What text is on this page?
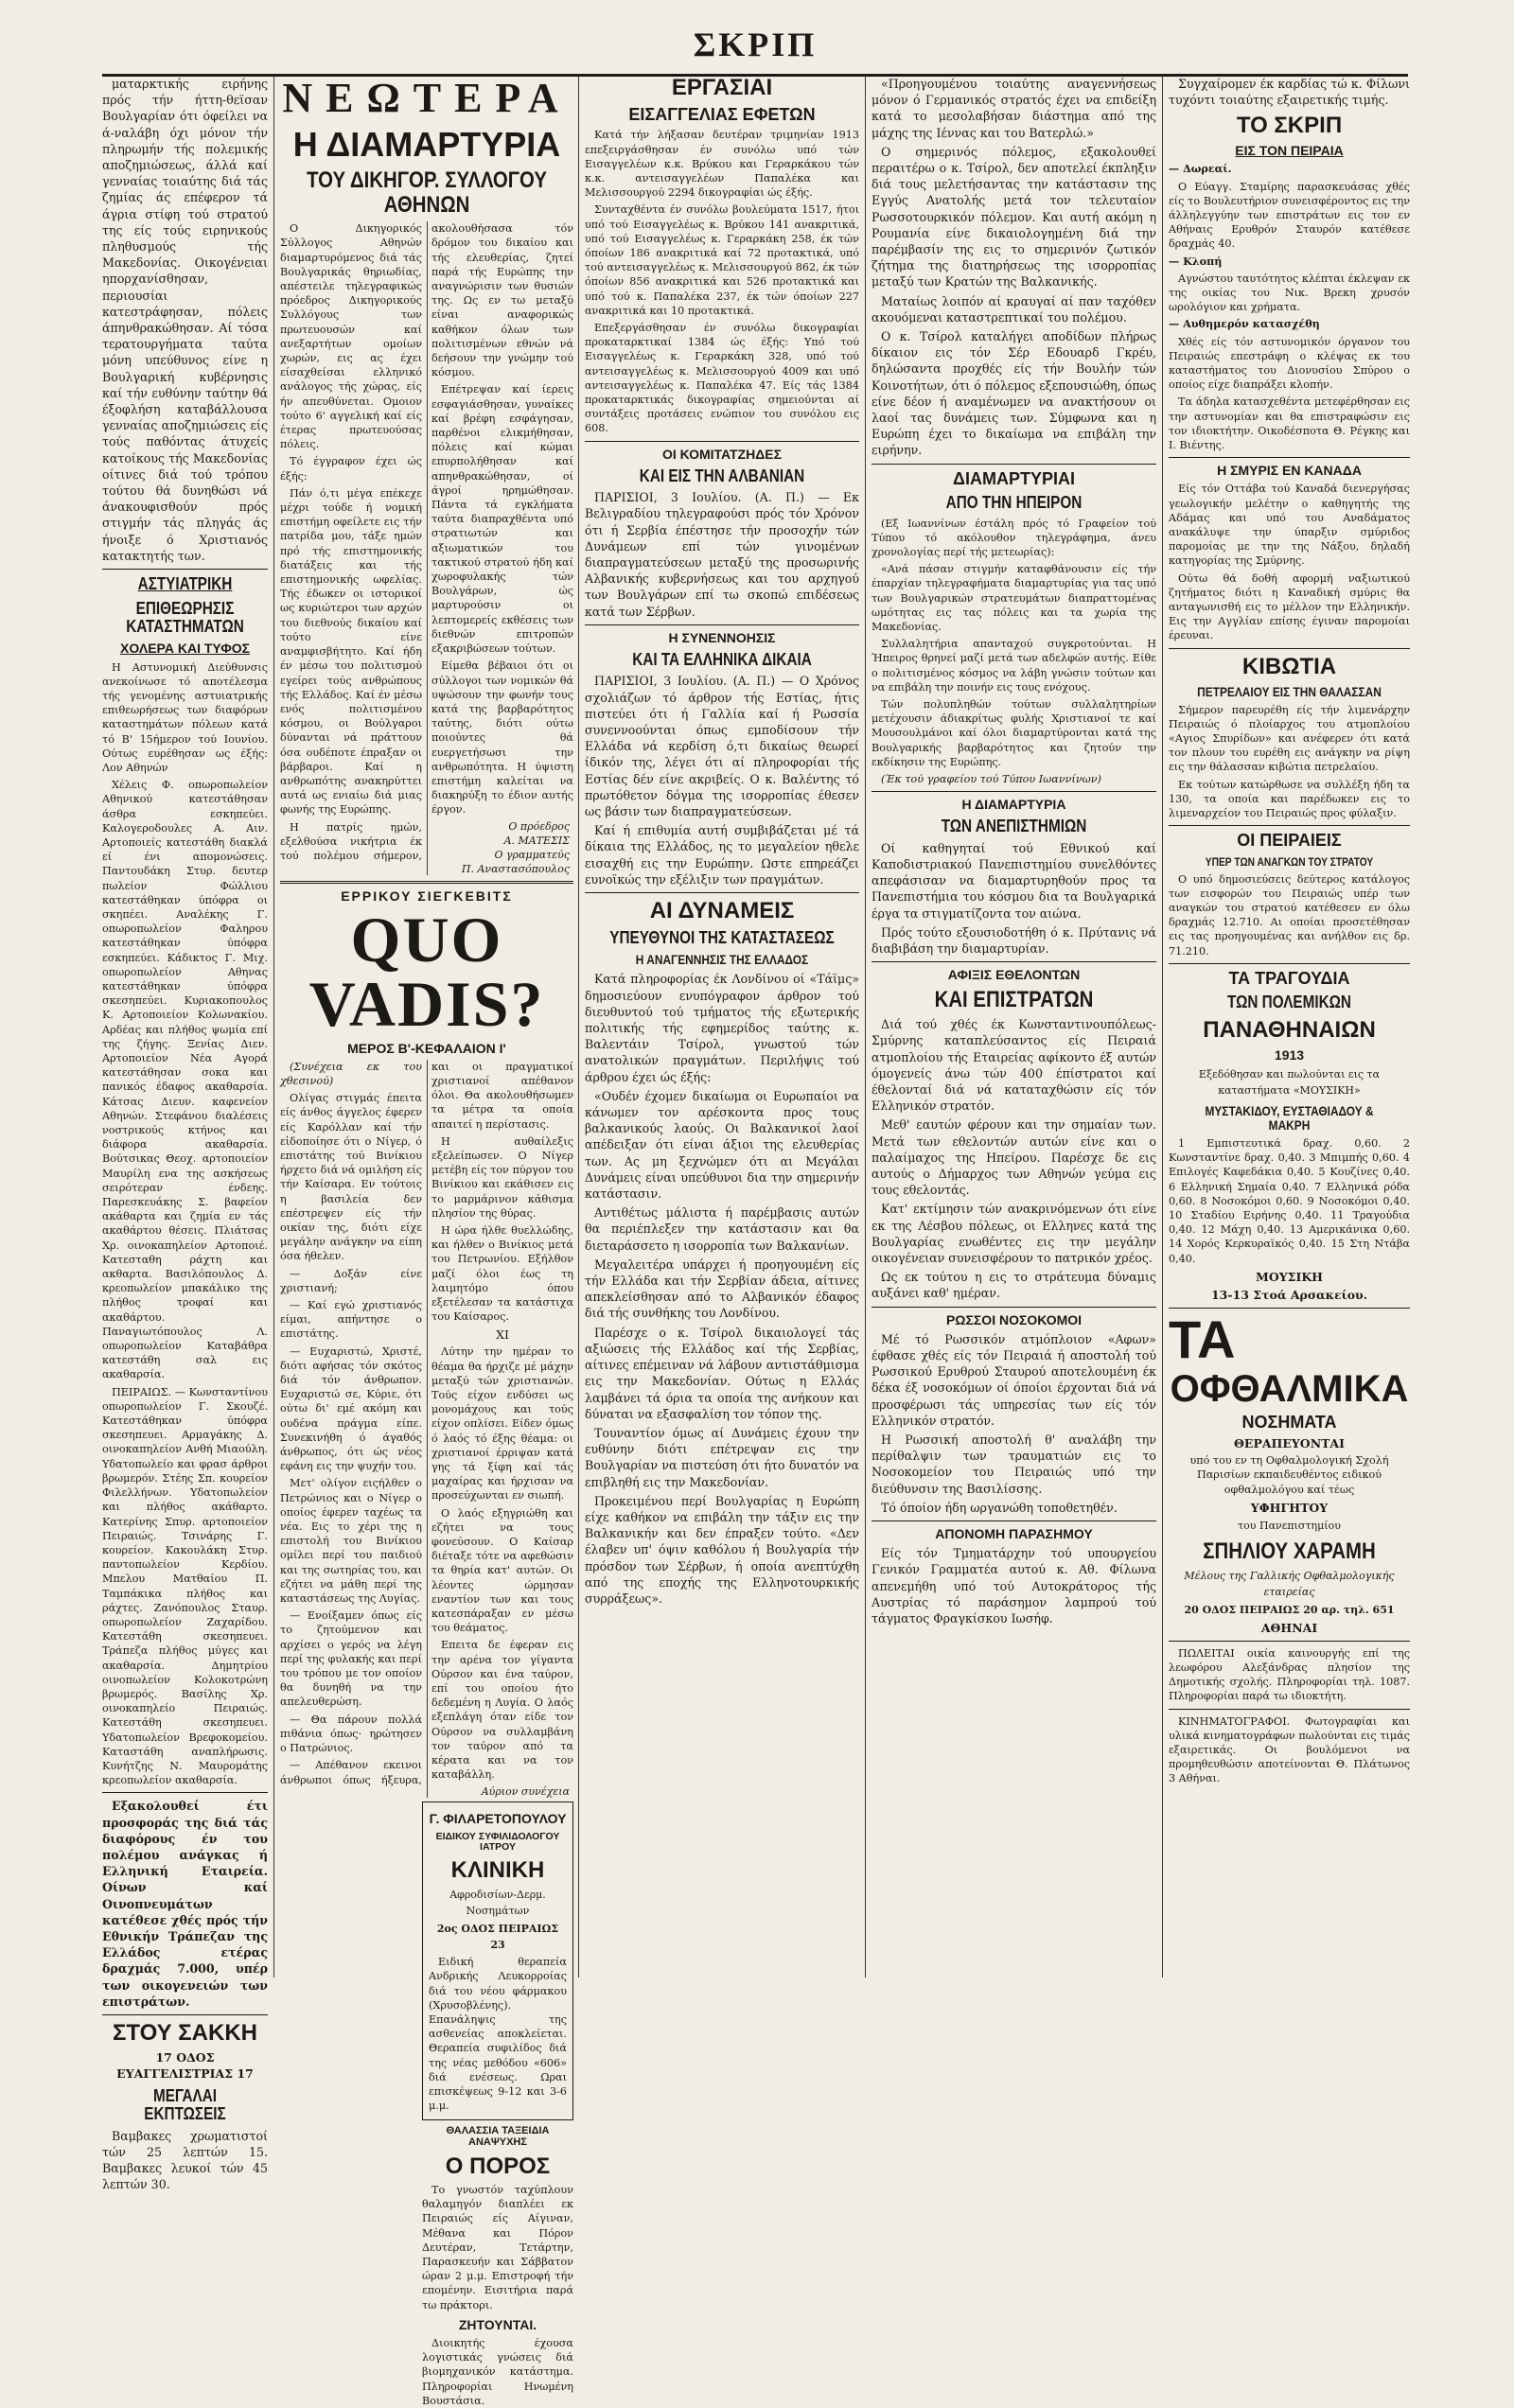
ΣΚΡΙΠ

ματαρκτικής ειρήνης πρός τήν ήττη-θεϊσαν Βουλγαρίαν ότι όφείλει να ά-ναλάβη όχι μόνον τήν πληρωμήν τής πολεμικής αποζημιώσεως, άλλά καί γενναίας τοιαύτης διά τάς ζημίας άς επέφερον τά άγρια στίφη τού στρατού της είς τούς ειρηνικούς πληθυσμούς τής Μακεδονίας. Οικογένειαι ηπορχανίσθησαν, περιουσίαι κατεστράφησαν, πόλεις άπηνθρακώθησαν. Αί τόσα τερατουργήματα ταύτα μόνη υπεύθυνος είνε η Βουλγαρική κυβέρνησις καί τήν ευθύνην ταύτην θά έξοφλήση καταβάλλουσα γενναίας αποζημιώσεις είς τούς παθόντας άτυχείς κατοίκους τής Μακεδονίας οίτινες διά τού τρόπου τούτου θά δυνηθώσι νά άνακουφισθούν πρός στιγμήν τάς πληγάς άς ήνοιξε ό Χριστιανός κατακτητής των.

ΑΣΤΥΙΑΤΡΙΚΗ
ΕΠΙΘΕΩΡΗΣΙΣ ΚΑΤΑΣΤΗΜΑΤΩΝ
ΧΟΛΕΡΑ ΚΑΙ ΤΥΦΟΣ

Η Αστυνομική Διεύθυνσις ανεκοίνωσε τό αποτέλεσμα τής γενομένης αστυιατρικής επιθεωρήσεως των διαφόρων καταστημάτων πόλεων κατά τό Β' 15ήμερον τού Ιουνίου. Ούτως ευρέθησαν ως έξής: Λον Αθηνών

Χέλεις Φ. οπωροπωλείον Αθηνικού κατεστάθησαν άσθρα εσκηπεύει. Καλογεροδουλες Α. Αιν. Αρτοποιείς κατεστάθη διακλά εί ένι απομονώσεις. Παντουδάκη Στυρ. δευτερ πωλείον Φώλλιου κατεστάθηκαν ύπόφρα οι σκηπέει. Αναλέκης Γ. οπωροπωλείον Φαληρου κατεστάθηκαν ύπόφρα εσκηπεύει. Κάδικτος Γ. Μιχ. οπωροπωλείον Αθηνας κατεστάθηκαν ύπόφρα σκεσηπεύει. Κυριακοπουλος Κ. Αρτοποιείον Κολωνακίου. Αρδέας και πλήθος ψωμία επί της ζήγης. Ξενίας Διεν. Αρτοποιείον Νέα Αγορά κατεστάθησαν σοκα και πανικός έδαφος ακαθαρσία. Κάτσας Διευν. καφενείον Αθηνών. Στεφάνου διαλέσεις νοστρικούς κτήνος και διάφορα ακαθαρσία. Βούτσικας Θεοχ. αρτοποιείον Μαυρίλη ενα της ασκήσεως σειρότεραν ένδεης. Παρεσκευάκης Σ. βαφείον ακάθαρτα και ζημία εν τάς ακαθάρτου θέσεις. Πλιάτσας Χρ. οινοκαπηλείον Αρτοποιέ. Κατεσταθη ράχτη και ακθαρτα. Βασιλόπουλος Δ. κρεοπωλείον μπακάλικο της πλήθος τροφαί και ακαθάρτου. Παναγιωτόπουλος Λ. οπωροπωλείον Καταβάθρα κατεστάθη σαλ εις ακαθαρσία.

ΠΕΙΡΑΙΩΣ. — Κωνσταντίνου οπωροπωλείον Γ. Σκουζέ. Κατεστάθηκαν ύπόφρα σκεσηπευει. Αρμαγάκης Δ. οινοκαπηλείον Ανθή Μιαούλη. Υδατοπωλείο και φρασ άρθροι βρωμερόν. Στέης Σπ. κουρείον Φιλελλήνων. Υδατοπωλείον και πλήθος ακάθαρτο. Κατερίνης Σπυρ. αρτοποιείον Πειραιώς. Τσινάρης Γ. κουρείον. Κακουλάκη Στυρ. παντοπωλείον Κερδίου. Μπελου Ματθαίου Π. Ταμπάκικα πλήθος και ράχτες. Ζανόπουλος Σταυρ. οπωροπωλείον Ζαχαρίδου. Κατεστάθη σκεσηπευει. Τράπεζα πλήθος μύγες και ακαθαρσία. Δημητρίου οινοπωλείον Κολοκοτρώνη βρωμερός. Βασίλης Χρ. οινοκαπηλείο Πειραιώς. Κατεστάθη σκεσηπευει. Υδατοπωλείον Βρεφοκομείου. Καταστάθη αναπλήρωσις. Κυνήτζης Ν. Μαυρομάτης κρεοπωλείον ακαθαρσία.

Εξακολουθεί έτι προσφοράς της διά τάς διαφόρους έν του πολέμου ανάγκας ή Ελληνική Εταιρεία. Οίνων καί Οινοπνευμάτων κατέθεσε χθές πρός τήν Εθνικήν Τράπεζαν της Ελλάδος ετέρας δραχμάς 7.000, υπέρ των οικογενειών των επιστράτων.

ΣΤΟΥ ΣΑΚΚΗ
17 ΟΔΟΣ ΕΥΑΓΓΕΛΙΣΤΡΙΑΣ 17
ΜΕΓΑΛΑΙ ΕΚΠΤΩΣΕΙΣ

Βαμβακες χρωματιστοί τών 25 λεπτών 15. Βαμβακες λευκοί τών 45 λεπτών 30.

ΝΕΩΤΕΡΑ
Η ΔΙΑΜΑΡΤΥΡΙΑ
ΤΟΥ ΔΙΚΗΓΟΡ. ΣΥΛΛΟΓΟΥ ΑΘΗΝΩΝ

Ο Δικηγορικός Σύλλογος Αθηνών διαμαρτυρόμενος διά τάς Βουλγαρικάς θηριωδίας, απέστειλε τηλεγραφικώς πρόεδρος Δικηγορικούς Συλλόγους των πρωτευουσών καί ανεξαρτήτων ομοίων χωρών, εις ας έχει είσαχθείσαι ελληνικό ανάλογος τής χώρας, είς ήν απευθύνεται. Ομοιον τούτο 6' αγγελική καί είς έτερας πρωτευούσας πόλεις.

Τό έγγραφον έχει ώς έξής:

Πάν ό,τι μέγα επέκεχε μέχρι τούδε ή νομική επιστήμη οφείλετε εις τήν πατρίδα μου, τάξε ημών πρό τής επιστημονικής διατάξεις και τής επιστημονικής ωφελίας. Τής έδωκεν οι ιστορικοί ως κυριώτεροι των αρχών του διεθνούς δικαίου καί τούτο είνε αναμφισβήτητο. Καί ήδη έν μέσω του πολιτισμού εγείρει τούς ανθρώπους τής Ελλάδος. Καί έν μέσω ενός πολιτισμένου κόσμου, οι Βούλγαροι δύνανται νά πράττουν όσα ουδέποτε έπραξαν οι βάρβαροι. Καί η ανθρωπότης ανακηρύττει αυτά ως ενιαίω διά μιας φωνής της Ευρώπης.

Η πατρίς ημών, εξελθούσα νικήτρια έκ τού πολέμου σήμερον, ακολουθήσασα τόν δρόμον του δικαίου και τής ελευθερίας, ζητεί παρά τής Ευρώπης την αναγνώρισιν των θυσιών της. Ως εν τω μεταξύ είναι αναφορικώς καθήκον όλων των πολιτισμένων εθνών νά δεήσουν την γνώμην τού κόσμου.

Επέτρεψαν καί ίερεις εσφαγιάσθησαν, γυναίκες καί βρέφη εσφάγησαν, παρθένοι ελικμήθησαν, πόλεις καί κώμαι επυρπολήθησαν καί απηνθρακώθησαν, οί άγροί ηρημώθησαν. Πάντα τά εγκλήματα ταύτα διαπραχθέντα υπό στρατιωτών και αξιωματικών του τακτικού στρατού ήδη καί χωροφυλακής τών Βουλγάρων, ώς μαρτυρούσιν οι λεπτομερείς εκθέσεις των διεθνών επιτροπών εξακριβώσεων τούτων.

Είμεθα βέβαιοι ότι οι σύλλογοι των νομικών θά υψώσουν την φωνήν τους κατά της βαρβαρότητος ταύτης, διότι ούτω ποιούντες θά ευεργετήσωσι την ανθρωπότητα. Η ύψιστη επιστήμη καλείται να διακηρύξη το έδιον αυτής έργον.

Ο πρόεδρος
Α. ΜΑΤΕΣΙΣ
Ο γραμματεύς
Π. Αναστασόπουλος
ΕΡΡΙΚΟΥ ΣΙΕΓΚΕΒΙΤΣ
QUO VADIS?
ΜΕΡΟΣ Β'-ΚΕΦΑΛΑΙΟΝ Ι'

(Συνέχεια εκ του χθεσινού)

Ολίγας στιγμάς έπειτα είς άνθος άγγελος έφερεν είς Καρόλλαν καί τήν εἰδοποίησε ότι ο Νίγερ, ό επιστάτης τού Βινίκιου ήρχετο διά νά ομιλήση είς τήν Καίσαρα. Εν τούτοις η βασιλεία δεν επέστρεψεν είς τήν οικίαν της, διότι είχε μεγάλην ανάγκην να είπη όσα ήθελεν.

— Δοξάν είνε χριστιανή;

— Καί εγώ χριστιανός είμαι, απήντησε ο επιστάτης.

— Ευχαριστώ, Χριστέ, διότι αφήσας τόν σκότος διά τόν άνθρωπον. Ευχαριστώ σε, Κύριε, ότι ούτω δι' εμέ ακόμη και ουδένα πράγμα είπε. Συνεκινήθη ό άγαθός άνθρωπος, ότι ώς νέος εφάνη εις την ψυχήν του.

Μετ' ολίγον ειςήλθεν ο Πετρώνιος και ο Νίγερ ο οποίος έφερεν ταχέως τα νέα. Εις το χέρι της η επιστολή του Βινίκιου ομίλει περί του παιδιού και της σωτηρίας του, και εζήτει να μάθη περί της καταστάσεως της Λυγίας.

— Ενοίξαμεν όπως είς το ζητούμενον και αρχίσει ο γερός να λέγη περί της φυλακής και περί του τρόπου με τον οποίον θα δυνηθή να την απελευθερώση.

— Θα πάρουν πολλά πιθάνια όπως· ηρώτησεν ο Πατρώνιος.

— Απέθανον εκεινοι άνθρωποι όπως ήξευρα, και οι πραγματικοί χριστιανοί απέθανον όλοι. Θα ακολουθήσωμεν τα μέτρα τα οποία απαιτεί η περίστασις.

Η αυθαίλεξις εξελείπωσεν. Ο Νίγερ μετέβη είς τον πύργον του Βινίκιου και εκάθισεν εις το μαρμάρινον κάθισμα πλησίον της θύρας.

Η ώρα ήλθε θυελλώδης, και ήλθεν ο Βινίκιος μετά του Πετρωνίου. Εξήλθον μαζί όλοι έως τη λαιμητόμο όπου εξετέλεσαν τα κατάστιχα του Καίσαρος.

ΧΙ

Λύτην την ημέραν το θέαμα θα ήρχιζε μέ μάχην μεταξύ τών χριστιανών. Τούς είχον ενδύσει ως μονομάχους και τούς είχον οπλίσει. Είδεν όμως ό λαός τό έξης θέαμα: οι χριστιανοί έρριψαν κατά γης τά ξίφη καί τάς μαχαίρας και ήρχισαν να προσεύχωνται εν σιωπή.

Ο λαός εξηγριώθη και εζήτει να τους φονεύσουν. Ο Καίσαρ διέταξε τότε να αφεθώσιν τα θηρία κατ' αυτών. Οι λέοντες ώρμησαν εναντίον των και τους κατεσπάραξαν εν μέσω του θεάματος.

Επειτα δε έφεραν εις την αρένα τον γίγαντα Ούρσον και ένα ταύρον, επί του οποίου ήτο δεδεμένη η Λυγία. Ο λαός εξεπλάγη όταν είδε τον Ούρσον να συλλαμβάνη τον ταύρον από τα κέρατα και να τον καταβάλλη.

Αύριον συνέχεια
Γ. ΦΙΛΑΡΕΤΟΠΟΥΛΟΥ
ΕΙΔΙΚΟΥ ΣΥΦΙΛΙΔΟΛΟΓΟΥ ΙΑΤΡΟΥ
ΚΛΙΝΙΚΗ
Αφροδισίων-Δερμ. Νοσημάτων
2ος ΟΔΟΣ ΠΕΙΡΑΙΩΣ 23

Ειδική θεραπεία Ανδρικής Λευκορροίας διά του νέου φάρμακου (Χρυσοβλένης). Επανάληψις της ασθενείας αποκλείεται. Θεραπεία συφιλίδος διά της νέας μεθόδου «606» διά ενέσεως. Ωραι επισκέψεως 9-12 και 3-6 μ.μ.

ΘΑΛΑΣΣΙΑ ΤΑΞΕΙΔΙΑ ΑΝΑΨΥΧΗΣ
Ο ΠΟΡΟΣ

Το γνωστόν ταχύπλουν θαλαμηγόν διαπλέει εκ Πειραιώς είς Αίγιναν, Μέθανα και Πόρον Δευτέραν, Τετάρτην, Παρασκευήν και Σάββατον ώραν 2 μ.μ. Επιστροφή τήν επομένην. Εισιτήρια παρά τω πράκτορι.

ΖΗΤΟΥΝΤΑΙ.

Διοικητής έχουσα λογιστικάς γνώσεις διά βιομηχανικόν κατάστημα. Πληροφορίαι Ηνωμένη Βουστάσια.

ΕΡΓΑΣΙΑΙ
ΕΙΣΑΓΓΕΛΙΑΣ ΕΦΕΤΩΝ

Κατά τήν λήξασαν δευτέραν τριμηνίαν 1913 επεξειργάσθησαν έν συνόλω υπό τών Εισαγγελέων κ.κ. Βρύκου και Γεραρκάκου τών κ.κ. αντεισαγγελέων Παπαλέκα και Μελισσουργού 2294 δικογραφίαι ώς έξής.

Συνταχθέντα έν συνόλω βουλεύματα 1517, ήτοι υπό τού Εισαγγελέως κ. Βρύκου 141 ανακριτικά, υπό τού Εισαγγελέως κ. Γεραρκάκη 258, έκ τών όποίων 186 ανακριτικά καί 72 προτακτικά, υπό τού αντεισαγγελέως κ. Μελισσουργού 862, έκ τών όποίων 856 ανακριτικά και 526 προτακτικά και υπό τού κ. Παπαλέκα 237, έκ τών όποίων 227 ανακριτικά και 10 προτακτικά.

Επεξεργάσθησαν έν συνόλω δικογραφίαι προκαταρκτικαί 1384 ώς έξής: Υπό τού Εισαγγελέως κ. Γεραρκάκη 328, υπό τού αντεισαγγελέως κ. Μελισσουργού 4009 και υπό αντεισαγγελέως κ. Παπαλέκα 47. Είς τάς 1384 προκαταρκτικάς δικογραφίας σημειούνται αί συντάξεις προτάσεις ενώπιον του συνόλου εις 608.

ΟΙ ΚΟΜΙΤΑΤΖΗΔΕΣ
ΚΑΙ ΕΙΣ ΤΗΝ ΑΛΒΑΝΙΑΝ

ΠΑΡΙΣΙΟΙ, 3 Ιουλίου. (Α. Π.) — Εκ Βελιγραδίου τηλεγραφούσι πρός τόν Χρόνον ότι ή Σερβία έπέστησε τήν προσοχήν τών Δυνάμεων επί τών γινομένων διαπραγματεύσεων μεταξύ της προσωρινής Αλβανικής κυβερνήσεως και του αρχηγού των Βουλγάρων επί τω σκοπώ επιδέσεως κατά των Σέρβων.

Η ΣΥΝΕΝΝΟΗΣΙΣ
ΚΑΙ ΤΑ ΕΛΛΗΝΙΚΑ ΔΙΚΑΙΑ

ΠΑΡΙΣΙΟΙ, 3 Ιουλίου. (Α. Π.) — Ο Χρόνος σχολιάζων τό άρθρον τής Εστίας, ήτις πιστεύει ότι ή Γαλλία καί ή Ρωσσία συνεννοούνται όπως εμποδίσουν τήν Ελλάδα νά κερδίση ό,τι δικαίως θεωρεί ίδικόν της, λέγει ότι αί πληροφορίαι τής Εστίας δέν είνε ακριβείς. Ο κ. Βαλέντης τό πρωτόθετον δόγμα της ισορροπίας έθεσεν ως βάσιν των διαπραγματεύσεων.

Καί ή επιθυμία αυτή συμβιβάζεται μέ τά δίκαια της Ελλάδος, ης το μεγαλείον ηθελε εισαχθή εις την Ευρώπην. Ωστε επηρεάζει ευνοϊκώς την εξέλιξιν των πραγμάτων.

ΑΙ ΔΥΝΑΜΕΙΣ
ΥΠΕΥΘΥΝΟΙ ΤΗΣ ΚΑΤΑΣΤΑΣΕΩΣ
Η ΑΝΑΓΕΝΝΗΣΙΣ ΤΗΣ ΕΛΛΑΔΟΣ

Κατά πληροφορίας έκ Λονδίνου οί «Τάϊμς» δημοσιεύουν ενυπόγραφον άρθρον τού διευθυντού τού τμήματος τής εξωτερικής πολιτικής τής εφημερίδος ταύτης κ. Βαλεντάιν Τσίρολ, γνωστού τών ανατολικών πραγμάτων. Περιλήψις τού άρθρου έχει ώς έξής:

«Ουδέν έχομεν δικαίωμα οι Ευρωπαίοι να κάνωμεν τον αρέσκοντα προς τους βαλκανικούς λαούς. Οι Βαλκανικοί λαοί απέδειξαν ότι είναι άξιοι της ελευθερίας των. Ας μη ξεχνώμεν ότι αι Μεγάλαι Δυνάμεις είναι υπεύθυνοι δια την σημερινήν κατάστασιν.

Αντιθέτως μάλιστα ή παρέμβασις αυτών θα περιέπλεξεν την κατάστασιν και θα διεταράσσετο η ισορροπία των Βαλκανίων.

Μεγαλειτέρα υπάρχει ή προηγουμένη είς τήν Ελλάδα και τήν Σερβίαν άδεια, αίτινες απεκλείσθησαν από το Αλβανικόν έδαφος διά τής συνθήκης του Λονδίνου.

Παρέσχε ο κ. Τσίρολ δικαιολογεί τάς αξιώσεις τής Ελλάδος καί τής Σερβίας, αίτινες επέμειναν νά λάβουν αντιστάθμισμα εις την Μακεδονίαν. Ούτως η Ελλάς λαμβάνει τά όρια τα οποία της ανήκουν και δύναται να εξασφαλίση τον τόπον της.

Τουναντίον όμως αί Δυνάμεις έχουν την ευθύνην διότι επέτρεψαν εις την Βουλγαρίαν να πιστεύση ότι ήτο δυνατόν να επιβληθή εις την Μακεδονίαν.

Προκειμένου περί Βουλγαρίας η Ευρώπη είχε καθήκον να επιβάλη την τάξιν εις την Βαλκανικήν και δεν έπραξεν τούτο. «Δεν έλαβεν υπ' όψιν καθόλου ή Βουλγαρία τήν πρόσδον των Σέρβων, ή οποία ανεπτύχθη από της εποχής της Ελληνοτουρκικής συρράξεως».

«Προηγουμένου τοιαύτης αναγεννήσεως μόνον ό Γερμανικός στρατός έχει να επιδείξη κατά το μεσολαβήσαν διάστημα από της μάχης της Ιέννας και του Βατερλώ.»

Ο σημερινός πόλεμος, εξακολουθεί περαιτέρω ο κ. Τσίρολ, δεν αποτελεί έκπληξιν διά τους μελετήσαντας την κατάστασιν της Εγγύς Ανατολής μετά τον τελευταίον Ρωσσοτουρκικόν πόλεμον. Και αυτή ακόμη η Ρουμανία είνε δικαιολογημένη διά την παρέμβασίν της εις το σημερινόν ζωτικόν ζήτημα της διατηρήσεως της ισορροπίας μεταξύ των Κρατών της Βαλκανικής.

Ματαίως λοιπόν αί κραυγαί αί παν ταχόθεν ακουόμεναι καταστρεπτικαί του πολέμου.

Ο κ. Τσίρολ καταλήγει αποδίδων πλήρως δίκαιον εις τόν Σέρ Εδουαρδ Γκρέυ, δηλώσαντα προχθές είς τήν Βουλήν τών Κοινοτήτων, ότι ό πόλεμος εξεπουσιώθη, όπως είνε δέον ή αναμένωμεν να ανακτήσουν οι λαοί τας δυνάμεις των. Σύμφωνα και η Ευρώπη έχει το δικαίωμα να επιβάλη την ειρήνην.

ΔΙΑΜΑΡΤΥΡΙΑΙ
ΑΠΟ ΤΗΝ ΗΠΕΙΡΟΝ

(Εξ Ιωαννίνων έστάλη πρός τό Γραφείον τού Τύπου τό ακόλουθον τηλεγράφημα, άνευ χρονολογίας περί τής μετεωρίας):

«Ανά πάσαν στιγμήν καταφθάνουσιν είς τήν έπαρχίαν τηλεγραφήματα διαμαρτυρίας για τας υπό των Βουλγαρικών στρατευμάτων διαπραττομένας ωμότητας εις τας πόλεις και τα χωρία της Μακεδονίας.

Συλλαλητήρια απανταχού συγκροτούνται. Η Ήπειρος θρηνεί μαζί μετά των αδελφών αυτής. Είθε ο πολιτισμένος κόσμος να λάβη γνώσιν τούτων και να επιβάλη την ποινήν εις τους ενόχους.

Τών πολυπληθών τούτων συλλαλητηρίων μετέχουσιν άδιακρίτως φυλής Χριστιανοί τε καί Μουσουλμάνοι καί όλοι διαμαρτύρονται κατά της Βουλγαρικής βαρβαρότητος και ζητούν την εκδίκησιν της Ευρώπης.

(Έκ τού γραφείου τού Τύπου Ιωαννίνων)

Η ΔΙΑΜΑΡΤΥΡΙΑ
ΤΩΝ ΑΝΕΠΙΣΤΗΜΙΩΝ

Οί καθηγηταί τού Εθνικού καί Καποδιστριακού Πανεπιστημίου συνελθόντες απεφάσισαν να διαμαρτυρηθούν προς τα Πανεπιστήμια του κόσμου δια τα Βουλγαρικά έργα τα στιγματίζοντα τον αιώνα.

Πρός τούτο εξουσιοδοτήθη ό κ. Πρύτανις νά διαβιβάση την διαμαρτυρίαν.

ΑΦΙΞΙΣ ΕΘΕΛΟΝΤΩΝ
ΚΑΙ ΕΠΙΣΤΡΑΤΩΝ

Διά τού χθές έκ Κωνσταντινουπόλεως-Σμύρνης καταπλεύσαντος είς Πειραιά ατμοπλοίου τής Εταιρείας αφίκοντο έξ αυτών όμογενείς άνω τών 400 έπίστρατοι καί έθελονταί διά νά καταταχθώσιν είς τόν Ελληνικόν στρατόν.

Μεθ' εαυτών φέρουν και την σημαίαν των. Μετά των εθελοντών αυτών είνε και ο παλαίμαχος της Ηπείρου. Παρέσχε δε εις αυτούς ο Δήμαρχος των Αθηνών γεύμα εις τους εθελοντάς.

Κατ' εκτίμησιν τών ανακρινόμενων ότι είνε εκ της Λέσβου πόλεως, οι Ελληνες κατά της Βουλγαρίας ενωθέντες εις την μεγάλην οικογένειαν συνεισφέρουν το πατρικόν χρέος.

Ως εκ τούτου η εις το στράτευμα δύναμις αυξάνει καθ' ημέραν.

ΡΩΣΣΟΙ ΝΟΣΟΚΟΜΟΙ

Μέ τό Ρωσσικόν ατμόπλοιον «Αφων» έφθασε χθές είς τόν Πειραιά ή αποστολή τού Ρωσσικού Ερυθρού Σταυρού αποτελουμένη έκ δέκα έξ νοσοκόμων οί όποίοι έρχονται διά νά προσφέρωσι τάς υπηρεσίας των είς τόν Ελληνικόν στρατόν.

Η Ρωσσική αποστολή θ' αναλάβη την περίθαλψιν των τραυματιών εις το Νοσοκομείον του Πειραιώς υπό την διεύθυνσιν της Βασιλίσσης.

Τό όποίον ήδη ωργανώθη τοποθετηθέν.

ΑΠΟΝΟΜΗ ΠΑΡΑΣΗΜΟΥ

Είς τόν Τμηματάρχην τού υπουργείου Γενικόν Γραμματέα αυτού κ. Αθ. Φίλωνα απενεμήθη υπό τού Αυτοκράτορος τής Αυστρίας τό παράσημον λαμπρού τού τάγματος Φραγκίσκου Ιωσήφ.

Συγχαίρομεν έκ καρδίας τώ κ. Φίλωνι τυχόντι τοιαύτης εξαιρετικής τιμής.

ΤΟ ΣΚΡΙΠ
ΕΙΣ ΤΟΝ ΠΕΙΡΑΙΑ

— Δωρεαί.

Ο Εύαγγ. Σταμίρης παρασκευάσας χθές είς το Βουλευτήριον συνεισφέροντος εις την άλληλεγγύην των επιστράτων εις τον εν Αθήναις Ερυθρόν Σταυρόν κατέθεσε δραχμάς 40.

— Κλοπή

Αγνώστου ταυτότητος κλέπται έκλεψαν εκ της οικίας του Νικ. Βρεκη χρυσόν ωρολόγιον και χρήματα.

— Αυθημερόν κατασχέθη

Χθές είς τόν αστυνομικόν όργανον του Πειραιώς επεστράφη ο κλέψας εκ του καταστήματος του Διονυσίου Σπύρου ο οποίος είχε διαπράξει κλοπήν.

Τα άδηλα κατασχεθέντα μετεφέρθησαν εις την αστυνομίαν και θα επιστραφώσιν εις τον ιδιοκτήτην. Οικοδέσποτα Θ. Ρέγκης και Ι. Βιέντης.

Η ΣΜΥΡΙΣ ΕΝ ΚΑΝΑΔΑ

Είς τόν Οττάβα τού Καναδά διενεργήσας γεωλογικήν μελέτην ο καθηγητής της Αδάμας και υπό του Αναδάματος ανακάλυψε την ύπαρξιν σμύριδος παρομοίας με την της Νάξου, δηλαδή κατηγορίας της Σμύρνης.

Ούτω θά δοθή αφορμή ναξιωτικού ζητήματος διότι η Καναδική σμύρις θα ανταγωνισθή εις το μέλλον την Ελληνικήν. Εις την Αγγλίαν επίσης έγιναν παρομοίαι έρευναι.

ΚΙΒΩΤΙΑ
ΠΕΤΡΕΛΑΙΟΥ ΕΙΣ ΤΗΝ ΘΑΛΑΣΣΑΝ

Σήμερον παρευρέθη είς τήν λιμενάρχην Πειραιώς ό πλοίαρχος του ατμοπλοίου «Αγιος Σπυρίδων» και ανέφερεν ότι κατά τον πλουν του ευρέθη εις ανάγκην να ρίψη εις την θάλασσαν κιβώτια πετρελαίου.

Εκ τούτων κατώρθωσε να συλλέξη ήδη τα 130, τα οποία και παρέδωκεν εις το λιμεναρχείον του Πειραιώς προς φύλαξιν.

ΟΙ ΠΕΙΡΑΙΕΙΣ
ΥΠΕΡ ΤΩΝ ΑΝΑΓΚΩΝ ΤΟΥ ΣΤΡΑΤΟΥ

Ο υπό δημοσιεύσεις δεύτερος κατάλογος των εισφορών του Πειραιώς υπέρ των αναγκών του στρατού κατέθεσεν εν όλω δραχμάς 12.710. Αι οποίαι προσετέθησαν εις τας προηγουμένας και ανήλθον εις δρ. 71.210.

ΤΑ ΤΡΑΓΟΥΔΙΑ
ΤΩΝ ΠΟΛΕΜΙΚΩΝ
ΠΑΝΑΘΗΝΑΙΩΝ
1913
Εξεδόθησαν και πωλούνται εις τα καταστήματα «ΜΟΥΣΙΚΗ»
ΜΥΣΤΑΚΙΔΟΥ, ΕΥΣΤΑΘΙΑΔΟΥ & ΜΑΚΡΗ

1 Εμπιστευτικά δραχ. 0,60. 2 Κωνσταντίνε δραχ. 0,40. 3 Μπιμπής 0,60. 4 Επιλογές Καφεδάκια 0,40. 5 Κουζίνες 0,40. 6 Ελληνική Σημαία 0,40. 7 Ελληνικά ρόδα 0,60. 8 Νοσοκόμοι 0,60. 9 Νοσοκόμοι 0,40. 10 Σταδίου Ειρήνης 0,40. 11 Τραγούδια 0,40. 12 Μάχη 0,40. 13 Αμερικάνικα 0,60. 14 Χορός Κερκυραϊκός 0,40. 15 Στη Ντάβα 0,40.

ΜΟΥΣΙΚΗ
13-13 Στοά Αρσακείου.
ΤΑ
ΟΦΘΑΛΜΙΚΑ
ΝΟΣΗΜΑΤΑ
ΘΕΡΑΠΕΥΟΝΤΑΙ

υπό του εν τη Οφθαλμολογική Σχολή Παρισίων εκπαιδευθέντος ειδικού οφθαλμολόγου καί τέως

ΥΦΗΓΗΤΟΥ
του Πανεπιστημίου
ΣΠΗΛΙΟΥ ΧΑΡΑΜΗ
Μέλους της Γαλλικής Οφθαλμολογικής εταιρείας
20 ΟΔΟΣ ΠΕΙΡΑΙΩΣ 20 αρ. τηλ. 651
ΑΘΗΝΑΙ

ΠΩΛΕΙΤΑΙ οικία καινουργής επί της λεωφόρου Αλεξάνδρας πλησίον της Δημοτικής σχολής. Πληροφορίαι τηλ. 1087. Πληροφορίαι παρά τω ιδιοκτήτη.

ΚΙΝΗΜΑΤΟΓΡΑΦΟΙ. Φωτογραφίαι και υλικά κινηματογράφων πωλούνται εις τιμάς εξαιρετικάς. Οι βουλόμενοι να προμηθευθώσιν αποτείνονται Θ. Πλάτωνος 3 Αθήναι.
